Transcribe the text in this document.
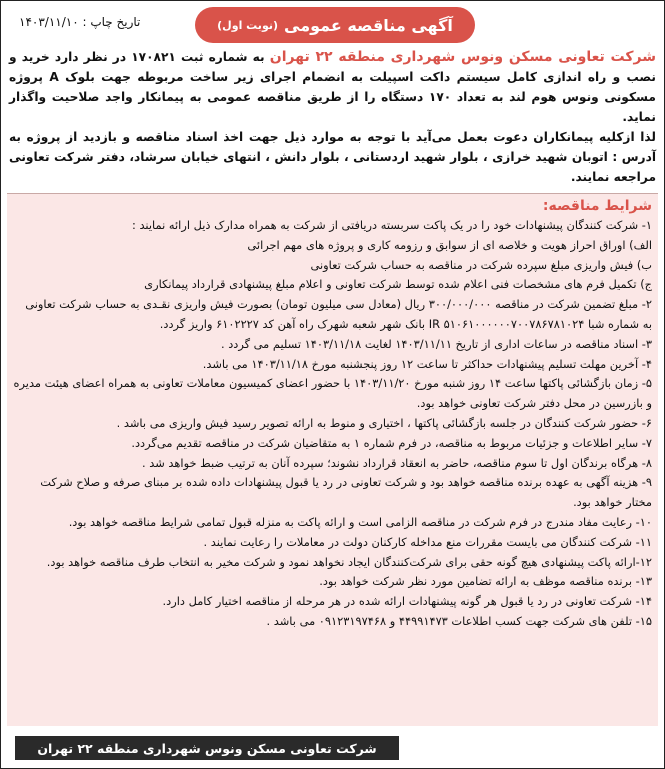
آگهی مناقصه عمومی
(نوبت اول)
تاریخ چاپ : ۱۴۰۳/۱۱/۱۰
شرکت تعاونی مسکن ونوس شهرداری منطقه ۲۲ تهران به شماره ثبت ۱۷۰۸۲۱ در نظر دارد خرید و نصب و راه اندازی کامل سیستم داکت اسپیلت به انضمام اجرای زیر ساخت مربوطه جهت بلوک A پروژه مسکونی ونوس هوم لند به تعداد ۱۷۰ دستگاه را از طریق مناقصه عمومی به پیمانکار واجد صلاحیت واگذار نماید.
لذا ازکلیه پیمانکاران دعوت بعمل می‌آید با توجه به موارد ذیل جهت اخذ اسناد مناقصه و بازدید از پروژه به آدرس : اتوبان شهید خرازی ، بلوار شهید اردستانی ، بلوار دانش ، انتهای خیابان سرشاد، دفتر شرکت تعاونی مراجعه نمایند.
شرایط مناقصه:

۱- شرکت کنندگان پیشنهادات خود را در یک پاکت سربسته دریافتی از شرکت به همراه مدارک ذیل ارائه نمایند :

الف) اوراق احراز هویت و خلاصه ای از سوابق و رزومه کاری و پروژه های مهم اجرائی

ب) فیش واریزی مبلغ سپرده شرکت در مناقصه به حساب شرکت تعاونی

ج) تکمیل فرم های مشخصات فنی اعلام شده توسط شرکت تعاونی و اعلام مبلغ پیشنهادی قرارداد پیمانکاری

۲- مبلغ تضمین شرکت در مناقصه ۳۰۰/۰۰۰/۰۰۰ ریال (معادل سی میلیون تومان) بصورت فیش واریزی نقـدی به حساب شرکت تعاونی به شماره شبا IR ۵۱۰۶۱۰۰۰۰۰۰۷۰۰۷۸۶۷۸۱۰۲۴ بانک شهر شعبه شهرک راه آهن کد ۶۱۰۲۲۲۷ واریز گردد.

۳- اسناد مناقصه در ساعات اداری از تاریخ ۱۴۰۳/۱۱/۱۱ لغایت ۱۴۰۳/۱۱/۱۸ تسلیم می گردد .

۴- آخرین مهلت تسلیم پیشنهادات حداکثر تا ساعت ۱۲ روز پنجشنبه مورخ ۱۴۰۳/۱۱/۱۸ می باشد.

۵- زمان بازگشائی پاکتها ساعت ۱۴ روز شنبه مورخ ۱۴۰۳/۱۱/۲۰ با حضور اعضای کمیسیون معاملات تعاونی به همراه اعضای هیئت مدیره و بازرسین در محل دفتر شرکت تعاونی خواهد بود.

۶- حضور شرکت کنندگان در جلسه بازگشائی پاکتها ، اختیاری و منوط به ارائه تصویر رسید فیش واریزی می باشد .

۷- سایر اطلاعات و جزئیات مربوط به مناقصه، در فرم شماره ۱ به متقاضیان شرکت در مناقصه تقدیم می‌گردد.

۸- هرگاه برندگان اول تا سوم مناقصه، حاضر به انعقاد قرارداد نشوند؛ سپرده آنان به ترتیب ضبط خواهد شد .

۹- هزینه آگهی به عهده برنده مناقصه خواهد بود و شرکت تعاونی در رد یا قبول پیشنهادات داده شده بر مبنای صرفه و صلاح شرکت مختار خواهد بود.

۱۰- رعایت مفاد مندرج در فرم شرکت در مناقصه الزامی است و ارائه پاکت به منزله قبول تمامی شرایط مناقصه خواهد بود.

۱۱- شرکت کنندگان می بایست مقررات منع مداخله کارکنان دولت در معاملات را رعایت نمایند .

۱۲-ارائه پاکت پیشنهادی هیچ گونه حقی برای شرکت‌کنندگان ایجاد نخواهد نمود و شرکت مخیر به انتخاب طرف مناقصه خواهد بود.

۱۳- برنده مناقصه موظف به ارائه تضامین مورد نظر شرکت خواهد بود.

۱۴- شرکت تعاونی در رد یا قبول هر گونه پیشنهادات ارائه شده در هر مرحله از مناقصه اختیار کامل دارد.

۱۵- تلفن های شرکت جهت کسب اطلاعات ۴۴۹۹۱۴۷۳ و ۰۹۱۲۳۱۹۷۴۶۸ می باشد .

شرکت تعاونی مسکن ونوس شهرداری منطقه ۲۲ تهران
